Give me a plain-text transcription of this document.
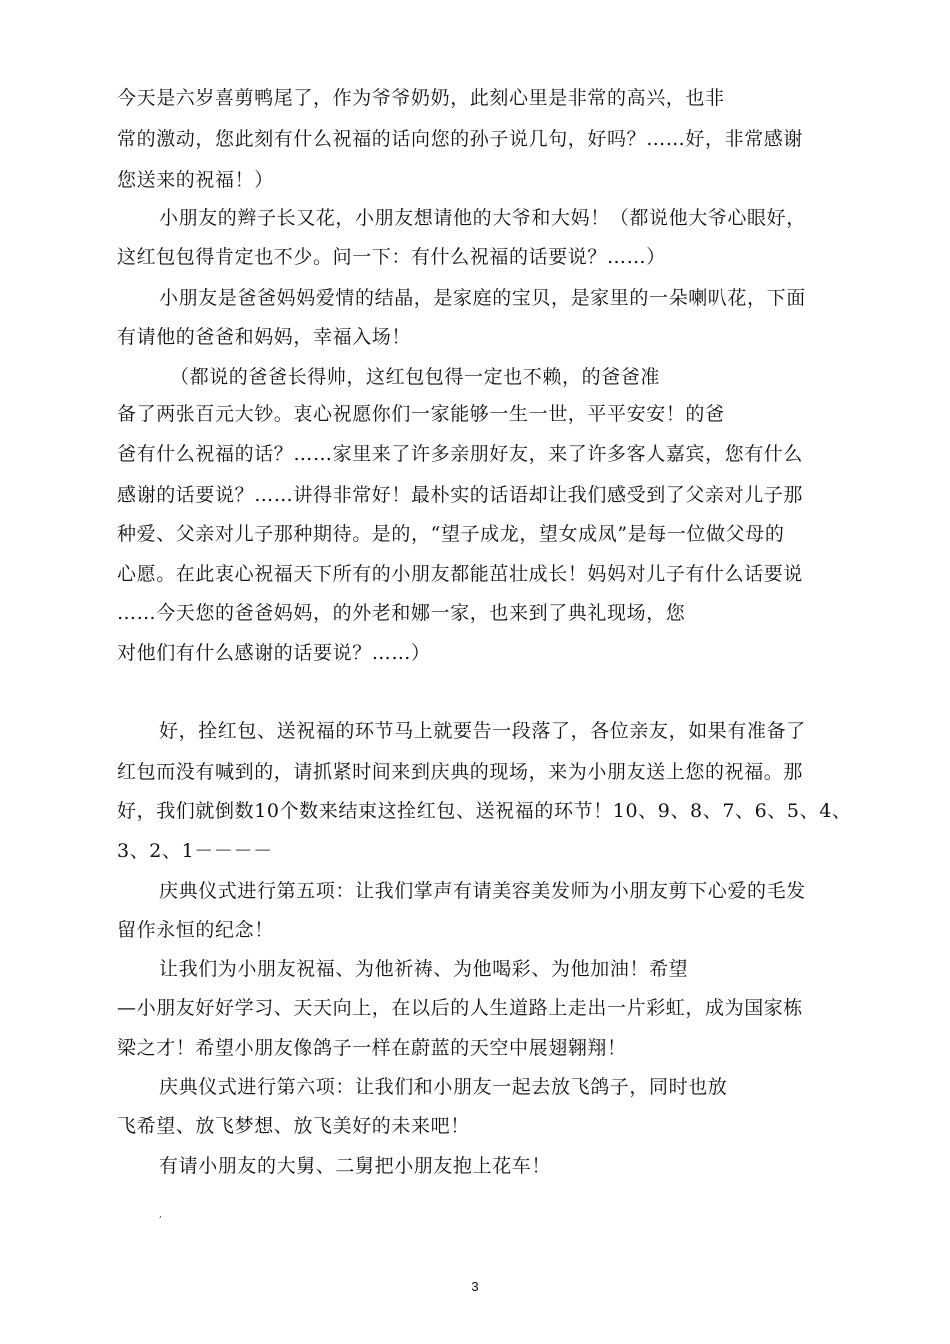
今天是六岁喜剪鸭尾了，作为爷爷奶奶，此刻心里是非常的高兴，也非
常的激动，您此刻有什么祝福的话向您的孙子说几句，好吗？……好，非常感谢
您送来的祝福！）
小朋友的辫子长又花，小朋友想请他的大爷和大妈！（都说他大爷心眼好，
这红包包得肯定也不少。问一下：有什么祝福的话要说？……）
小朋友是爸爸妈妈爱情的结晶，是家庭的宝贝，是家里的一朵喇叭花，下面
有请他的爸爸和妈妈，幸福入场！
（都说的爸爸长得帅，这红包包得一定也不赖，的爸爸准
备了两张百元大钞。衷心祝愿你们一家能够一生一世，平平安安！的爸
爸有什么祝福的话？……家里来了许多亲朋好友，来了许多客人嘉宾，您有什么
感谢的话要说？……讲得非常好！最朴实的话语却让我们感受到了父亲对儿子那
种爱、父亲对儿子那种期待。是的，“望子成龙，望女成凤”是每一位做父母的
心愿。在此衷心祝福天下所有的小朋友都能茁壮成长！妈妈对儿子有什么话要说
……今天您的爸爸妈妈，的外老和娜一家，也来到了典礼现场，您
对他们有什么感谢的话要说？……）
好，拴红包、送祝福的环节马上就要告一段落了，各位亲友，如果有准备了
红包而没有喊到的，请抓紧时间来到庆典的现场，来为小朋友送上您的祝福。那
好，我们就倒数10个数来结束这拴红包、送祝福的环节！10、9、8、7、6、5、4、
3、2、1－－－－
庆典仪式进行第五项：让我们掌声有请美容美发师为小朋友剪下心爱的毛发
留作永恒的纪念！
让我们为小朋友祝福、为他祈祷、为他喝彩、为他加油！希望
—小朋友好好学习、天天向上，在以后的人生道路上走出一片彩虹，成为国家栋
梁之才！希望小朋友像鸽子一样在蔚蓝的天空中展翅翱翔！
庆典仪式进行第六项：让我们和小朋友一起去放飞鸽子，同时也放
飞希望、放飞梦想、放飞美好的未来吧！
有请小朋友的大舅、二舅把小朋友抱上花车！
,
3
